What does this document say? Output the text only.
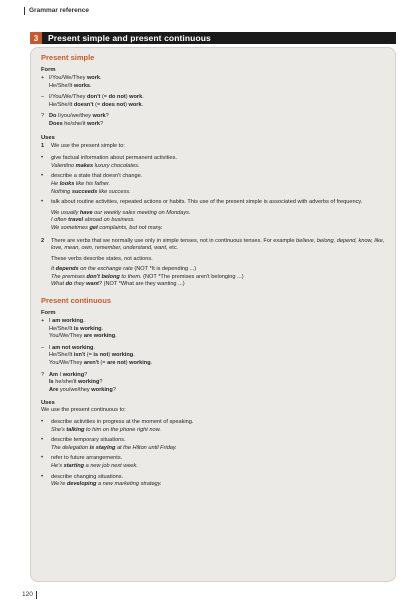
Grammar reference
3	Present simple and present continuous
Present simple
Form
+ I/You/We/They work.
He/She/It works.
– I/You/We/They don't (= do not) work.
He/She/It doesn't (= does not) work.
? Do I/you/we/they work?
Does he/she/it work?
Uses
1	We use the present simple to:
•	give factual information about permanent activities.
Valentino makes luxury chocolates.
•	describe a state that doesn't change.
He looks like his father.
Nothing succeeds like success.
•	talk about routine activities, repeated actions or habits. This use of the present simple is associated with adverbs of frequency.
We usually have our weekly sales meeting on Mondays.
I often travel abroad on business.
We sometimes get complaints, but not many.
2	There are verbs that we normally use only in simple tenses, not in continuous tenses. For example believe, belong, depend, know, like, love, mean, own, remember, understand, want, etc.
These verbs describe states, not actions.
It depends on the exchange rate (NOT *It is depending ...)
The premises don't belong to them. (NOT *The premises aren't belonging ...)
What do they want? (NOT *What are they wanting ...)
Present continuous
Form
+ I am working.
He/She/It is working.
You/We/They are working.
– I am not working.
He/She/It isn't (= is not) working.
You/We/They aren't (= are not) working.
? Am I working?
Is he/she/it working?
Are you/we/they working?
Uses
We use the present continuous to:
•	describe activities in progress at the moment of speaking.
She's talking to him on the phone right now.
•	describe temporary situations.
The delegation is staying at the Hilton until Friday.
•	refer to future arrangements.
He's starting a new job next week.
•	describe changing situations.
We're developing a new marketing strategy.
120
